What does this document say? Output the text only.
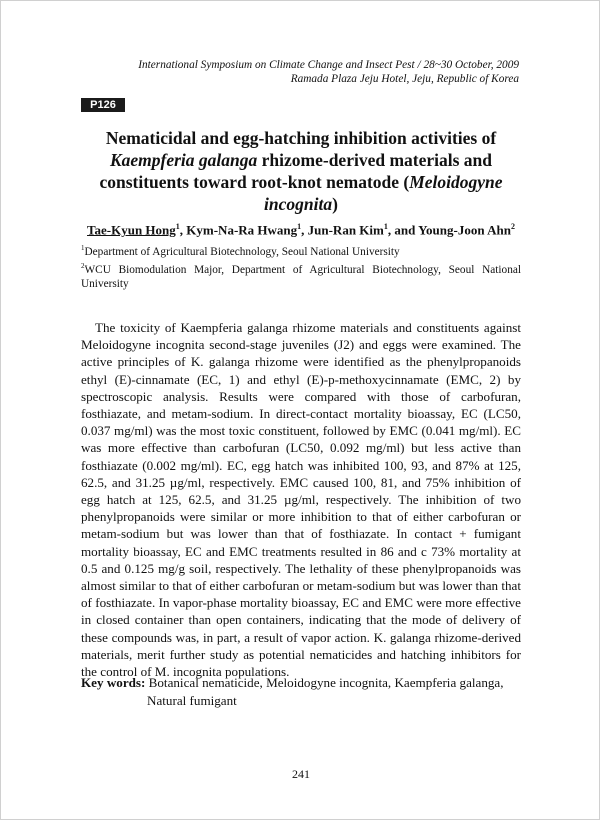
International Symposium on Climate Change and Insect Pest / 28~30 October, 2009
Ramada Plaza Jeju Hotel, Jeju, Republic of Korea
P126
Nematicidal and egg-hatching inhibition activities of Kaempferia galanga rhizome-derived materials and constituents toward root-knot nematode (Meloidogyne incognita)
Tae-Kyun Hong$^1$, Kym-Na-Ra Hwang$^1$, Jun-Ran Kim$^1$, and Young-Joon Ahn$^2$
$^1$Department of Agricultural Biotechnology, Seoul National University
$^2$WCU Biomodulation Major, Department of Agricultural Biotechnology, Seoul National University
The toxicity of Kaempferia galanga rhizome materials and constituents against Meloidogyne incognita second-stage juveniles (J2) and eggs were examined. The active principles of K. galanga rhizome were identified as the phenylpropanoids ethyl (E)-cinnamate (EC, 1) and ethyl (E)-p-methoxycinnamate (EMC, 2) by spectroscopic analysis. Results were compared with those of carbofuran, fosthiazate, and metam-sodium. In direct-contact mortality bioassay, EC (LC50, 0.037 mg/ml) was the most toxic constituent, followed by EMC (0.041 mg/ml). EC was more effective than carbofuran (LC50, 0.092 mg/ml) but less active than fosthiazate (0.002 mg/ml). EC, egg hatch was inhibited 100, 93, and 87% at 125, 62.5, and 31.25 µg/ml, respectively. EMC caused 100, 81, and 75% inhibition of egg hatch at 125, 62.5, and 31.25 µg/ml, respectively. The inhibition of two phenylpropanoids were similar or more inhibition to that of either carbofuran or metam-sodium but was lower than that of fosthiazate. In contact + fumigant mortality bioassay, EC and EMC treatments resulted in 86 and c 73% mortality at 0.5 and 0.125 mg/g soil, respectively. The lethality of these phenylpropanoids was almost similar to that of either carbofuran or metam-sodium but was lower than that of fosthiazate. In vapor-phase mortality bioassay, EC and EMC were more effective in closed container than open containers, indicating that the mode of delivery of these compounds was, in part, a result of vapor action. K. galanga rhizome-derived materials, merit further study as potential nematicides and hatching inhibitors for the control of M. incognita populations.
Key words: Botanical nematicide, Meloidogyne incognita, Kaempferia galanga, Natural fumigant
241
